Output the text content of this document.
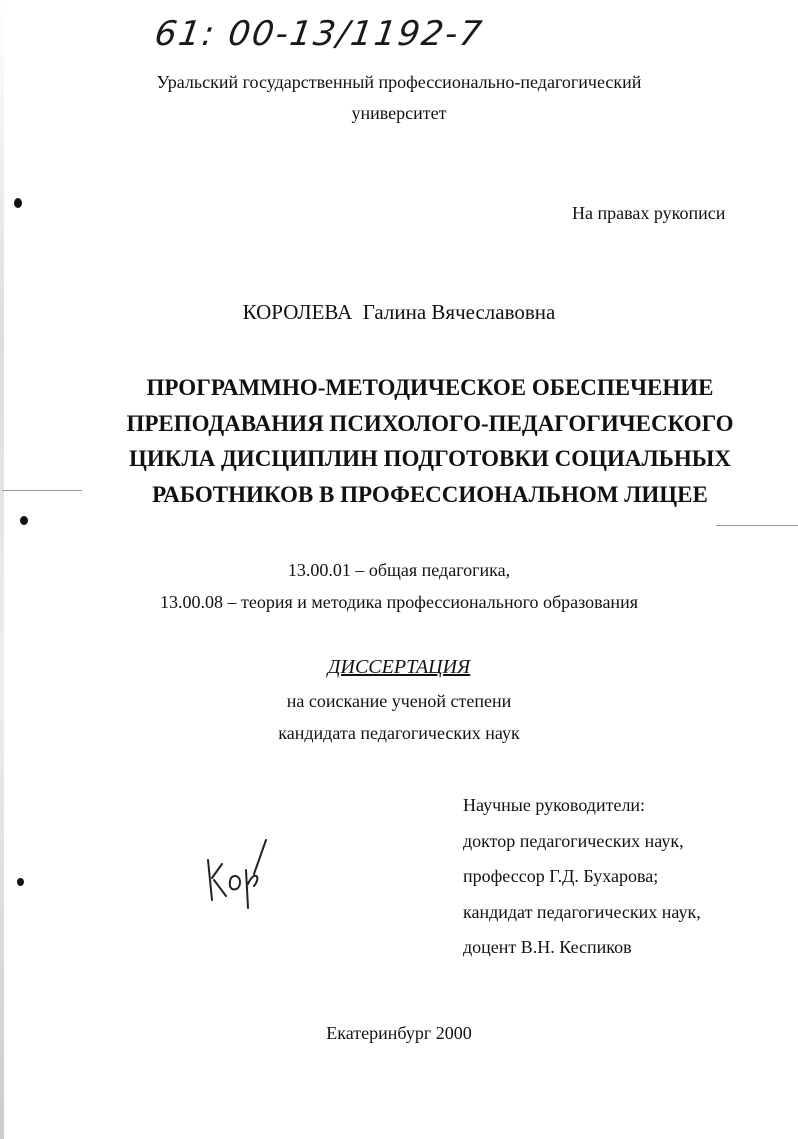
61: 00-13/1192-7
Уральский государственный профессионально-педагогический
университет
На правах рукописи
КОРОЛЕВА  Галина Вячеславовна
ПРОГРАММНО-МЕТОДИЧЕСКОЕ ОБЕСПЕЧЕНИЕ
ПРЕПОДАВАНИЯ ПСИХОЛОГО-ПЕДАГОГИЧЕСКОГО
ЦИКЛА ДИСЦИПЛИН ПОДГОТОВКИ СОЦИАЛЬНЫХ
РАБОТНИКОВ В ПРОФЕССИОНАЛЬНОМ ЛИЦЕЕ
13.00.01 – общая педагогика,
13.00.08 – теория и методика профессионального образования
ДИССЕРТАЦИЯ
на соискание ученой степени
кандидата педагогических наук
Научные руководители:
доктор педагогических наук,
профессор Г.Д. Бухарова;
кандидат педагогических наук,
доцент В.Н. Кеспиков
Екатеринбург 2000
